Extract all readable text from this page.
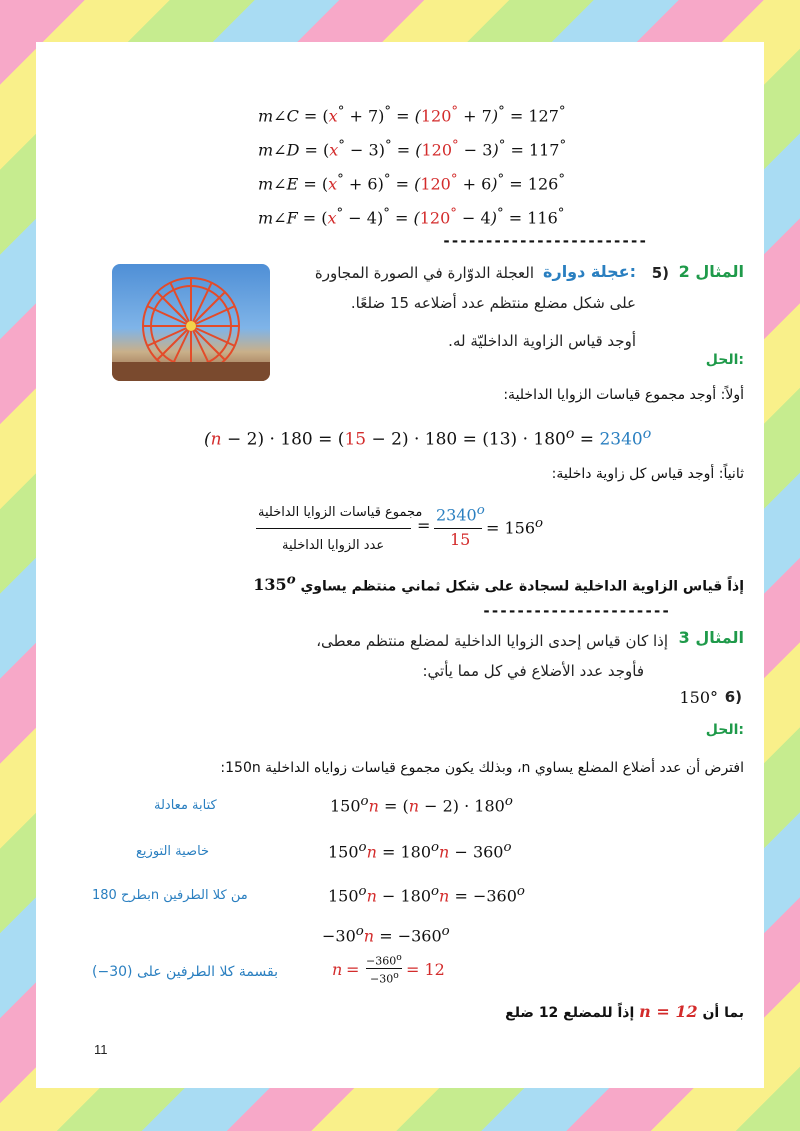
m∠C = (x° + 7)° = (120° + 7)° = 127°
m∠D = (x° − 3)° = (120° − 3)° = 117°
m∠E = (x° + 6)° = (120° + 6)° = 126°
m∠F = (x° − 4)° = (120° − 4)° = 116°
------------------------
المثال 2
5)
عجلة دوارة:
العجلة الدوّارة في الصورة المجاورة
على شكل مضلع منتظم عدد أضلاعه 15 ضلعًا.
أوجد قياس الزاوية الداخليّة له.
الحل:
أولاً: أوجد مجموع قياسات الزوايا الداخلية:
$(n - 2) \cdot 180 = (15 - 2) \cdot 180 = (13) \cdot 180^o = 2340^o$
ثانياً: أوجد قياس كل زاوية داخلية:
مجموع قياسات الزوايا الداخلية
عدد الزوايا الداخلية
=
$2340^o$
15
= $156^o$
إذاً قياس الزاوية الداخلية لسجادة على شكل ثماني منتظم يساوي 135$^o$
----------------------
المثال 3
إذا كان قياس إحدى الزوايا الداخلية لمضلع منتظم معطى،
فأوجد عدد الأضلاع في كل مما يأتي:
6)
150°
الحل:
افترض أن عدد أضلاع المضلع يساوي n، وبذلك يكون مجموع قياسات زواياه الداخلية 150n:
كتابة معادلة	$150^on = (n - 2) \cdot 180^o$
خاصية التوزيع	$150^on = 180^on - 360^o$
بطرح 180n من كلا الطرفين	$150^on - 180^on = -360^o$
$-30^on = -360^o$
بقسمة كلا الطرفين على (30−)	$n = -360^o$
$-30^o = 12$
بما أن n = 12 إذاً للمضلع 12 ضلع
11
